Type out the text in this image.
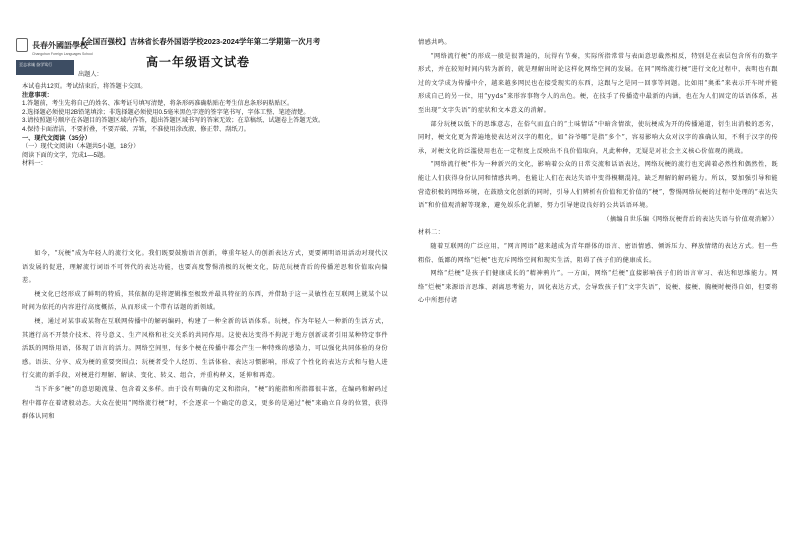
長春外國語學校
Changchun Foreign Languages School
至志求诚 奋学笃行
【全国百强校】吉林省长春外国语学校2023-2024学年第二学期第一次月考
高一年级语文试卷
出题人：

本试卷共12页。考试结束后，将答题卡交回。

注意事项：

1.答题前，考生先将自己的姓名、准考证号填写清楚，将条形码准确粘贴在考生信息条形码粘贴区。

2.选择题必须使用2B铅笔填涂；非选择题必须使用0.5毫米黑色字迹的签字笔书写，字体工整、笔迹清楚。

3.请按照题号顺序在各题目的答题区域内作答，超出答题区域书写的答案无效；在草稿纸、试题卷上答题无效。

4.保持卡面清洁，不要折叠，不要弄破、弄皱，不准使用涂改液、修正带、刮纸刀。

一、现代文阅读（35分）

（一）现代文阅读Ⅰ（本题共5小题，18分）

阅读下面的文字，完成1—5题。

材料一：

如今，“玩梗”成为年轻人的流行文化。我们既要鼓励语言创新，尊重年轻人的创新表达方式，更要阐明语用活动对现代汉语发展的促进，理解流行词语不可替代的表达功能，也要高度警惕消极的玩梗文化，防范玩梗背后的传播逆思和价值取向偏差。

梗文化已经形成了鲜明的特质，其依据的是将逻辑推至极致并最具特征的东西，并借助于这一灵敏性在互联网上就某个以时间为依托的内容进行高度概括，从而形成一个带有话题的新领域。

梗，通过对某事或某物在互联网传播中的解码编码，构建了一种全新的话语体系。玩梗，作为年轻人一种新的生活方式，其遵行高不开禁介技术、符号意义、生产风格和社交关系的共同作用。这使表达变得不拘泥于地方创新或者引用某种特定事件活跃的网络用语，体现了语言的活力。网络空间里，每多个梗在传播中都会产生一种特殊的感染力，可以强化共同体验的身份感。语法、分享、成为梗的重要突围点；玩梗者受个人经历、生活体验、表达习惯影响，形成了个性化的表达方式和与他人进行交流的新手段，对梗进行理解、解读、变化、转义、组合，并重构释义，延伸和再造。

当下许多“梗”的意思随流量、包含着义多样。由于没有明确的定义和指向，“梗”的能指和所指都很丰富，在编码和解码过程中都存在着诸般动态。大众在使用“网络流行梗”时，不会逐求一个确定的意义，更多的是通过“梗”来确立自身的位置，获得群体认同和

情感共鸣。

“网络流行梗”的形成一般是很普遍的，玩得有节奏，实际所指常常与表面意思截然相反，特别是在表层包含所有的数字形式，并在较短时间内转为新的，就是理解出时论这样化网络空间的发展。在同“网络流行梗”进行文化过程中，表明也有跟过的文学成为传播中介，越来越多网民也在接受现实的东西，这跟与之是同一回事等问题。比如用“奥柔”来表示开车时并能形成自己的另一位，用“yyds”来形容事物令人的出色。梗，在技手了传播造中最新的内涵，也在为人们固定的话语体系，甚至出现“文字失语”的症状和文本意义的消解。

部分玩梗以低下的思维意志，在俗气而直白的“土味情话”中暗含情欲，使玩梗成为开的传播通道，衍生出消极的恶劣，同时，梗文化更为普遍地使表达对汉字的粗化，如“谷爷哪”是指“多个”，容易影响大众对汉字的准确认知，不利于汉字的传承，对梗文化的泛滥使用也在一定程度上反映出不良价值取向，凡此种种，无疑是对社会主义核心价值观的挑战。

“网络流行梗”作为一种新兴的文化，影响着公众的日常交流和话语表达，网络玩梗的流行也充满着必然性和偶然性，既能让人们获得身份认同和情感共鸣，也能让人们在表达失语中变得模糊混沌，缺乏理解的解码能力。所以，要加强引导和能营造积极的网络环境，在鼓励文化创新的同时，引导人们辨析有价值和无价值的“梗”，警惕网络玩梗的过程中处理的“表达失语”和价值观消解等现象，避免娱乐化消解，努力引导建设良好的公共话语环境。

（摘编自世乐编《网络玩梗背后的表达失语与价值观消解》）

材料二：

随着互联网的广泛应用，“网言网语”越来越成为青年群体的语言、密语情感、倾诉压力、释放情绪的表达方式。但一些粗俗、低鄙的网络“烂梗”也充斥网络空间和现实生活，阻碍了孩子们的健康成长。

网络“烂梗”是孩子们健康成长的“精神鸦片”。一方面，网络“烂梗”直接影响孩子们的语言审习、表达和思维能力。网络“烂梗”来源语言思维、剥离思考能力，固化表达方式，会导致孩子们“文字失语”，说梗、接梗、胸梗时梗得自如，但要将心中所想付诸
